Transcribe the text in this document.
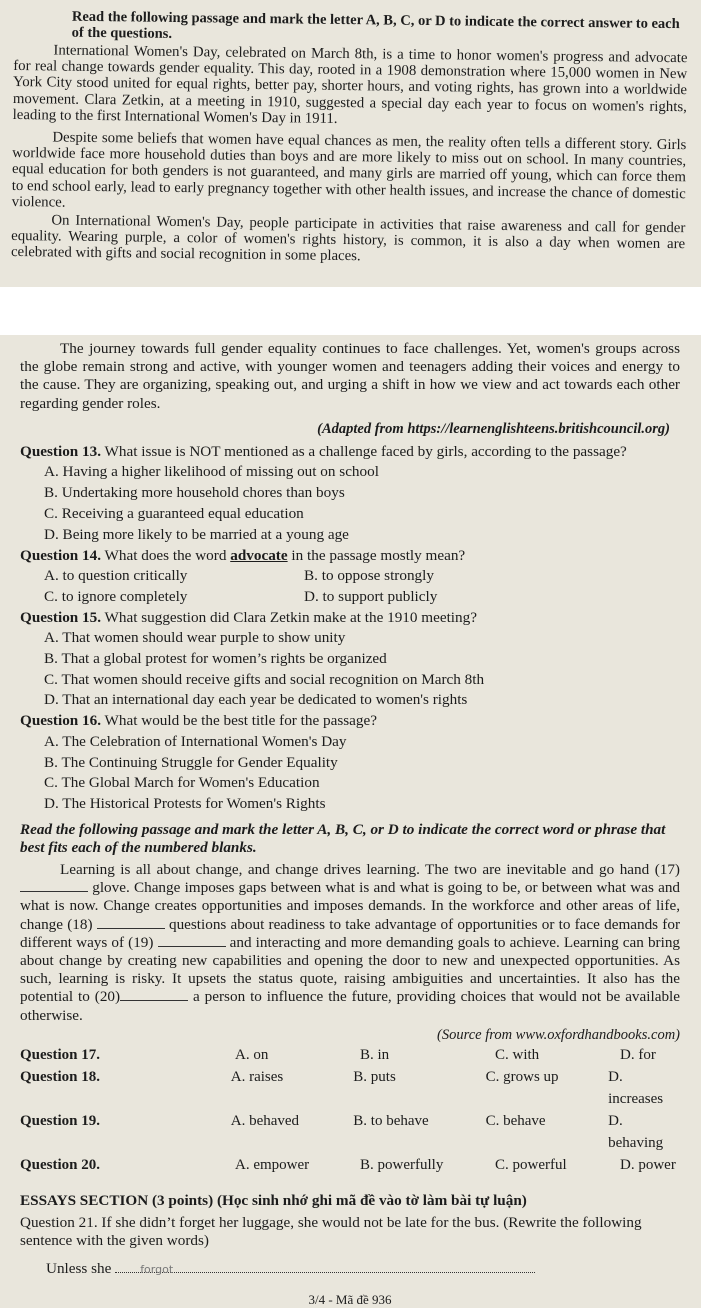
Read the following passage and mark the letter A, B, C, or D to indicate the correct answer to each of the questions.

International Women's Day, celebrated on March 8th, is a time to honor women's progress and advocate for real change towards gender equality. This day, rooted in a 1908 demonstration where 15,000 women in New York City stood united for equal rights, better pay, shorter hours, and voting rights, has grown into a worldwide movement. Clara Zetkin, at a meeting in 1910, suggested a special day each year to focus on women's rights, leading to the first International Women's Day in 1911.

Despite some beliefs that women have equal chances as men, the reality often tells a different story. Girls worldwide face more household duties than boys and are more likely to miss out on school. In many countries, equal education for both genders is not guaranteed, and many girls are married off young, which can force them to end school early, lead to early pregnancy together with other health issues, and increase the chance of domestic violence.

On International Women's Day, people participate in activities that raise awareness and call for gender equality. Wearing purple, a color of women's rights history, is common, it is also a day when women are celebrated with gifts and social recognition in some places.

The journey towards full gender equality continues to face challenges. Yet, women's groups across the globe remain strong and active, with younger women and teenagers adding their voices and energy to the cause. They are organizing, speaking out, and urging a shift in how we view and act towards each other regarding gender roles.

(Adapted from https://learnenglishteens.britishcouncil.org)

Question 13. What issue is NOT mentioned as a challenge faced by girls, according to the passage?

A. Having a higher likelihood of missing out on school

B. Undertaking more household chores than boys

C. Receiving a guaranteed equal education

D. Being more likely to be married at a young age

Question 14. What does the word advocate in the passage mostly mean?

A. to question critically	B. to oppose strongly
C. to ignore completely	D. to support publicly

Question 15. What suggestion did Clara Zetkin make at the 1910 meeting?

A. That women should wear purple to show unity

B. That a global protest for women’s rights be organized

C. That women should receive gifts and social recognition on March 8th

D. That an international day each year be dedicated to women's rights

Question 16. What would be the best title for the passage?

A. The Celebration of International Women's Day

B. The Continuing Struggle for Gender Equality

C. The Global March for Women's Education

D. The Historical Protests for Women's Rights

Read the following passage and mark the letter A, B, C, or D to indicate the correct word or phrase that best fits each of the numbered blanks.

Learning is all about change, and change drives learning. The two are inevitable and go hand (17) glove. Change imposes gaps between what is and what is going to be, or between what was and what is now. Change creates opportunities and imposes demands. In the workforce and other areas of life, change (18)	questions about readiness to take advantage of opportunities or to face demands for different ways of (19)	and interacting and more demanding goals to achieve. Learning can bring about change by creating new capabilities and opening the door to new and unexpected opportunities. As such, learning is risky. It upsets the status quote, raising ambiguities and uncertainties. It also has the potential to (20)	a person to influence the future, providing choices that would not be available otherwise.

(Source from www.oxfordhandbooks.com)

Question 17.	A. on	B. in	C. with	D. for
Question 18.	A. raises	B. puts	C. grows up	D. increases
Question 19.	A. behaved	B. to behave	C. behave	D. behaving
Question 20.	A. empower	B. powerfully	C. powerful	D. power

ESSAYS SECTION (3 points) (Học sinh nhớ ghi mã đề vào tờ làm bài tự luận)

Question 21. If she didn’t forget her luggage, she would not be late for the bus. (Rewrite the following sentence with the given words)

Unless she	forgot

3/4 - Mã đề 936
